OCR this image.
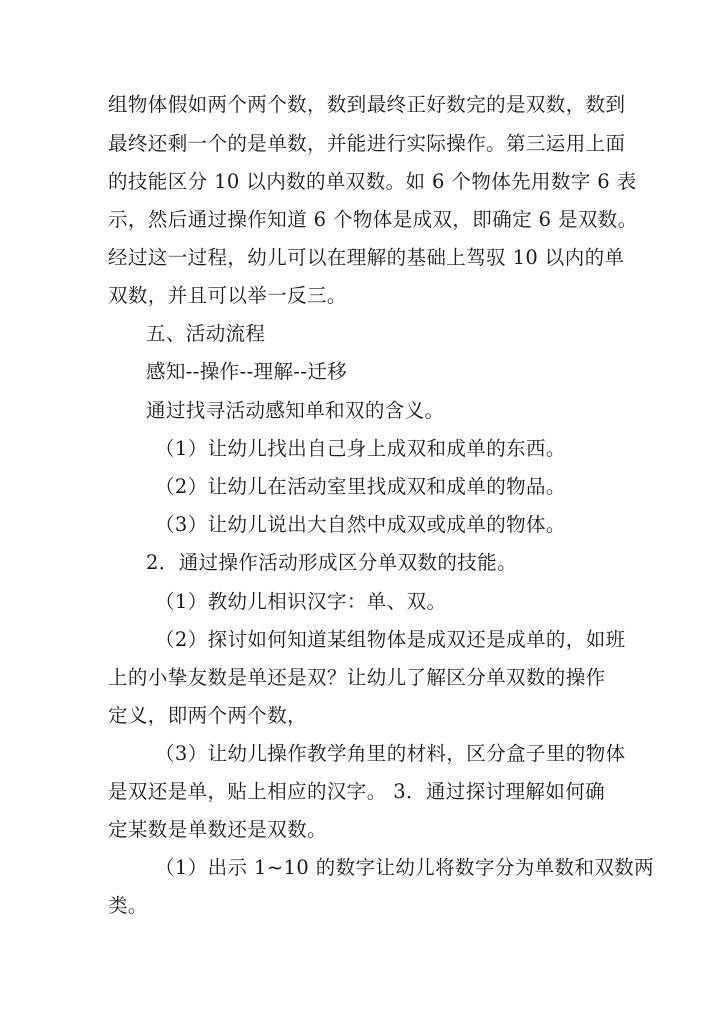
组物体假如两个两个数，数到最终正好数完的是双数，数到
最终还剩一个的是单数，并能进行实际操作。第三运用上面
的技能区分 10 以内数的单双数。如 6 个物体先用数字 6 表
示，然后通过操作知道 6 个物体是成双，即确定 6 是双数。
经过这一过程，幼儿可以在理解的基础上驾驭 10 以内的单
双数，并且可以举一反三。
五、活动流程
感知--操作--理解--迁移
通过找寻活动感知单和双的含义。
（1）让幼儿找出自己身上成双和成单的东西。
（2）让幼儿在活动室里找成双和成单的物品。
（3）让幼儿说出大自然中成双或成单的物体。
2．通过操作活动形成区分单双数的技能。
（1）教幼儿相识汉字：单、双。
（2）探讨如何知道某组物体是成双还是成单的，如班
上的小挚友数是单还是双？让幼儿了解区分单双数的操作
定义，即两个两个数，
（3）让幼儿操作教学角里的材料，区分盒子里的物体
是双还是单，贴上相应的汉字。 3．通过探讨理解如何确
定某数是单数还是双数。
（1）出示 1~10 的数字让幼儿将数字分为单数和双数两
类。
